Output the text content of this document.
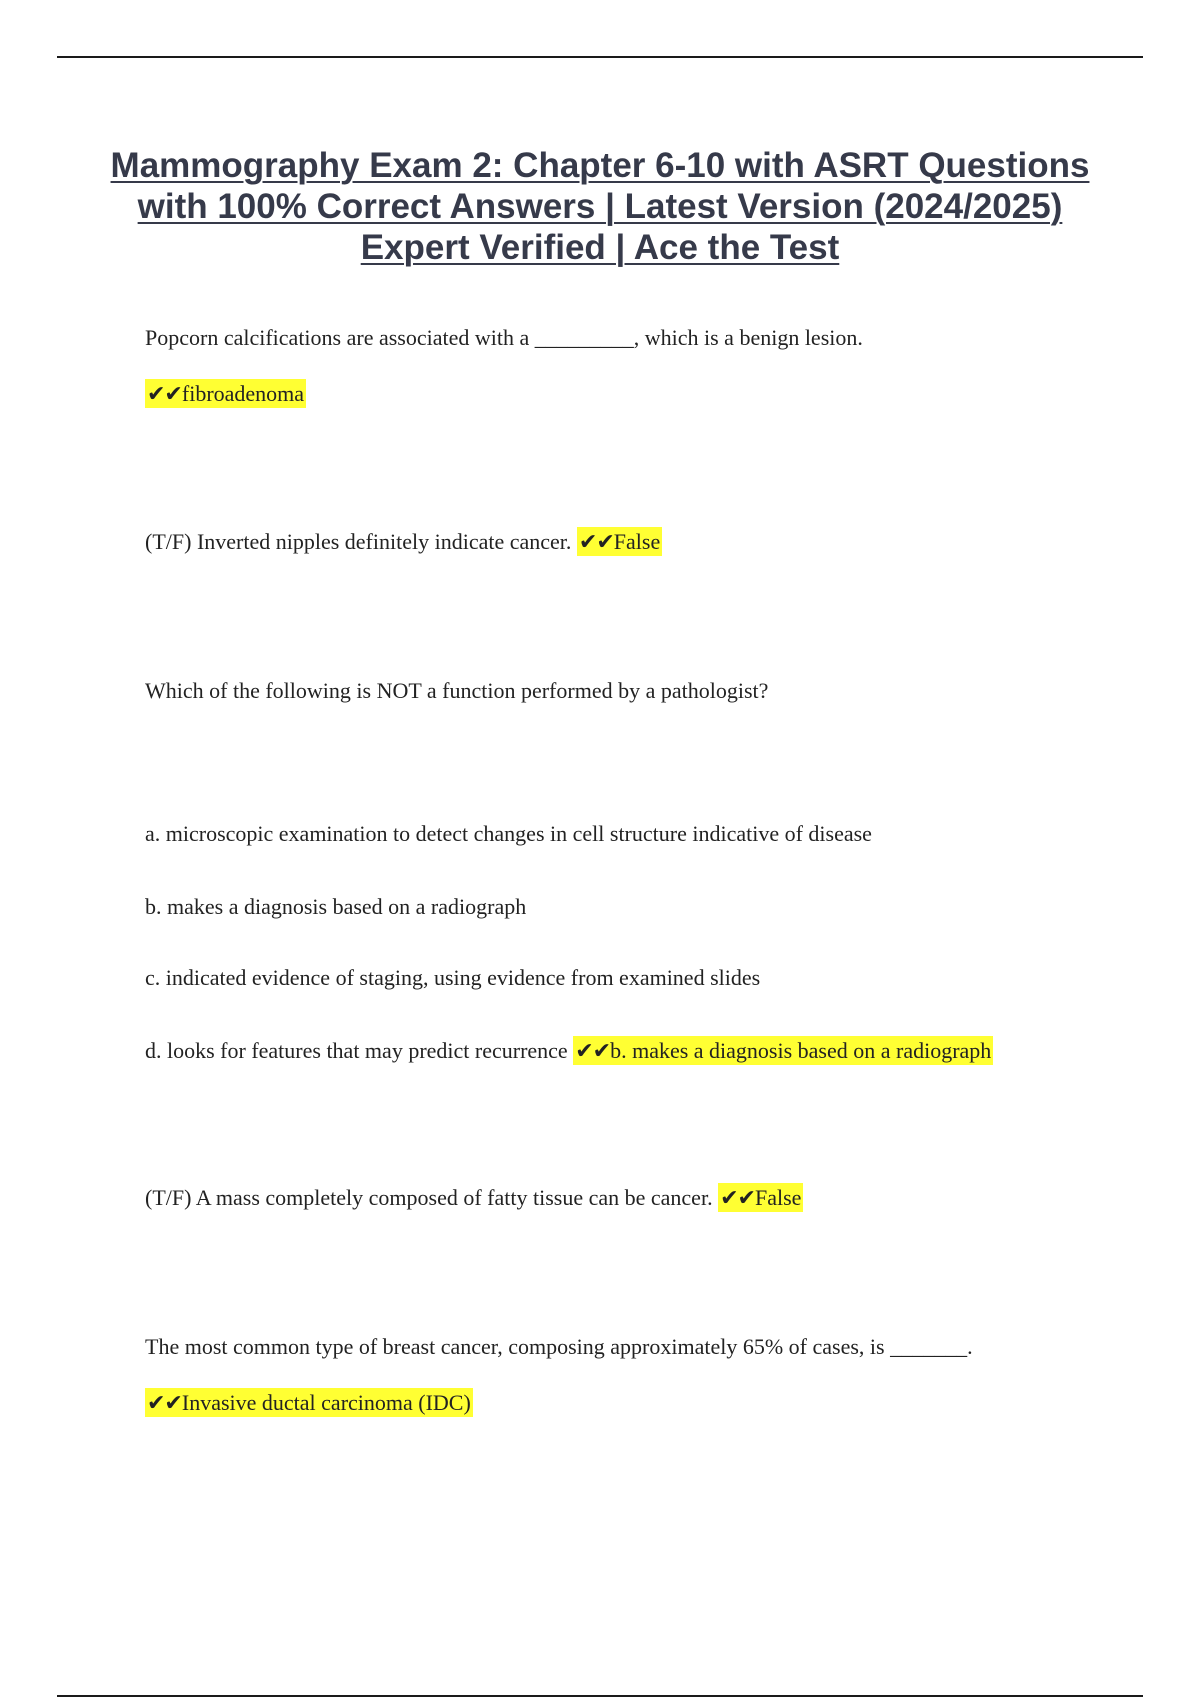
Mammography Exam 2: Chapter 6-10 with ASRT Questions with 100% Correct Answers | Latest Version (2024/2025) Expert Verified | Ace the Test

Popcorn calcifications are associated with a _________, which is a benign lesion.

✔✔fibroadenoma

(T/F) Inverted nipples definitely indicate cancer. ✔✔False

Which of the following is NOT a function performed by a pathologist?

a. microscopic examination to detect changes in cell structure indicative of disease

b. makes a diagnosis based on a radiograph

c. indicated evidence of staging, using evidence from examined slides

d. looks for features that may predict recurrence ✔✔b. makes a diagnosis based on a radiograph

(T/F) A mass completely composed of fatty tissue can be cancer. ✔✔False

The most common type of breast cancer, composing approximately 65% of cases, is _______.

✔✔Invasive ductal carcinoma (IDC)
